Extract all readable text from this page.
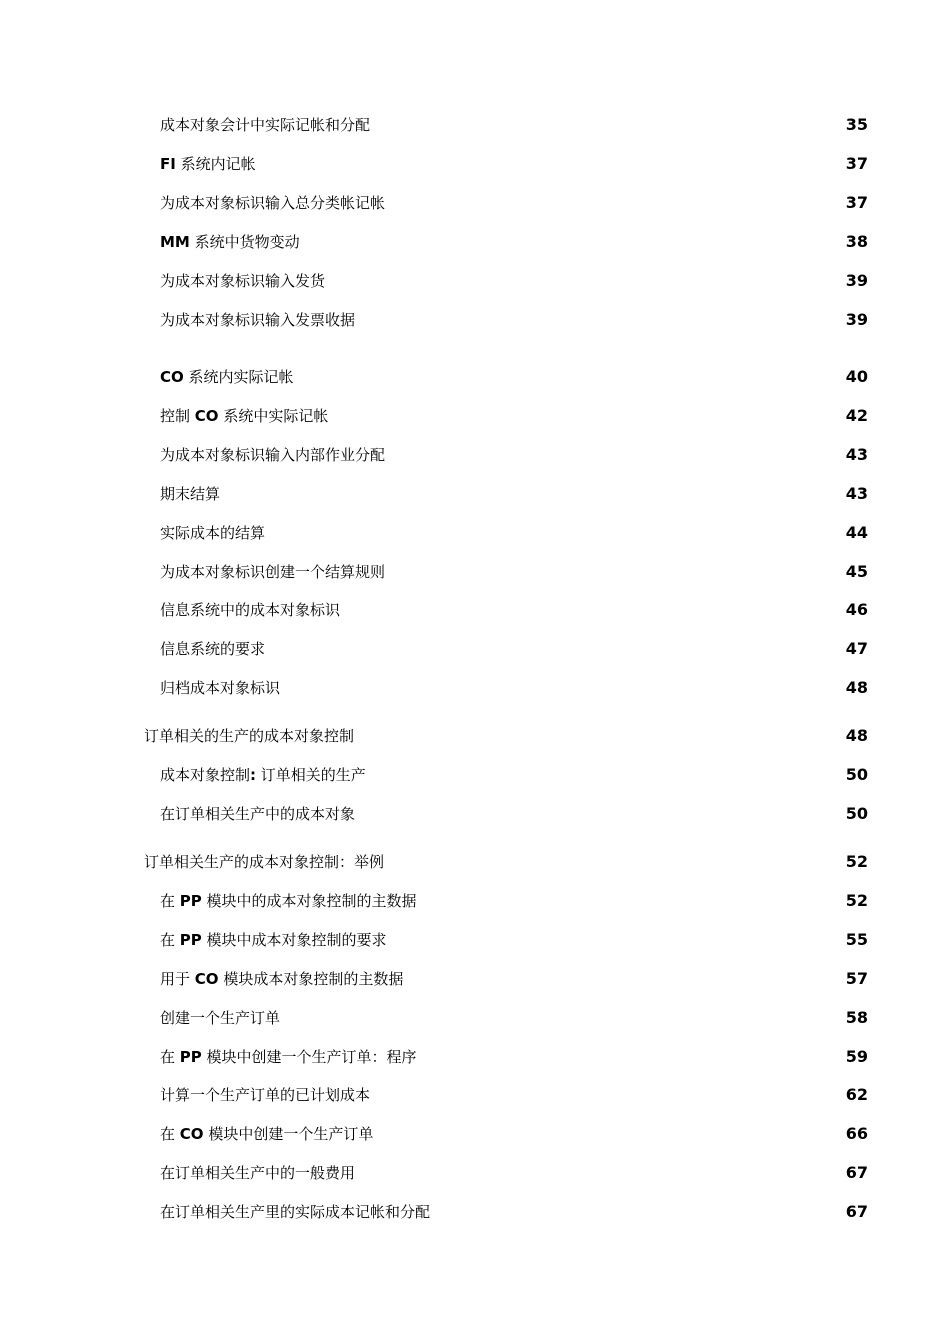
成本对象会计中实际记帐和分配	35
FI 系统内记帐	37
为成本对象标识输入总分类帐记帐	37
MM 系统中货物变动	38
为成本对象标识输入发货	39
为成本对象标识输入发票收据	39
CO 系统内实际记帐	40
控制 CO 系统中实际记帐	42
为成本对象标识输入内部作业分配	43
期末结算	43
实际成本的结算	44
为成本对象标识创建一个结算规则	45
信息系统中的成本对象标识	46
信息系统的要求	47
归档成本对象标识	48
订单相关的生产的成本对象控制	48
成本对象控制: 订单相关的生产	50
在订单相关生产中的成本对象	50
订单相关生产的成本对象控制：举例	52
在 PP 模块中的成本对象控制的主数据	52
在 PP 模块中成本对象控制的要求	55
用于 CO 模块成本对象控制的主数据	57
创建一个生产订单	58
在 PP 模块中创建一个生产订单：程序	59
计算一个生产订单的已计划成本	62
在 CO 模块中创建一个生产订单	66
在订单相关生产中的一般费用	67
在订单相关生产里的实际成本记帐和分配	67
